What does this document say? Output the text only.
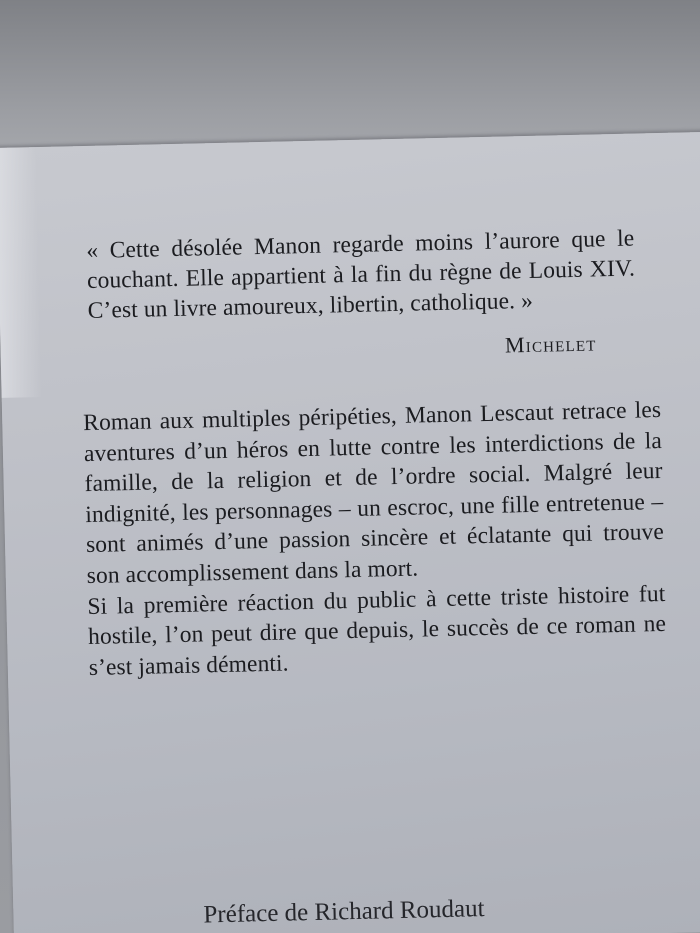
« Cette désolée Manon regarde moins l’aurore que le couchant. Elle appartient à la fin du règne de Louis XIV. C’est un livre amoureux, libertin, catholique. »
Michelet

Roman aux multiples péripéties, Manon Lescaut retrace les aventures d’un héros en lutte contre les interdictions de la famille, de la religion et de l’ordre social. Malgré leur indignité, les personnages – un escroc, une fille entretenue – sont animés d’une passion sincère et éclatante qui trouve son accomplissement dans la mort.

Si la première réaction du public à cette triste histoire fut hostile, l’on peut dire que depuis, le succès de ce roman ne s’est jamais démenti.

Préface de Richard Roudaut
